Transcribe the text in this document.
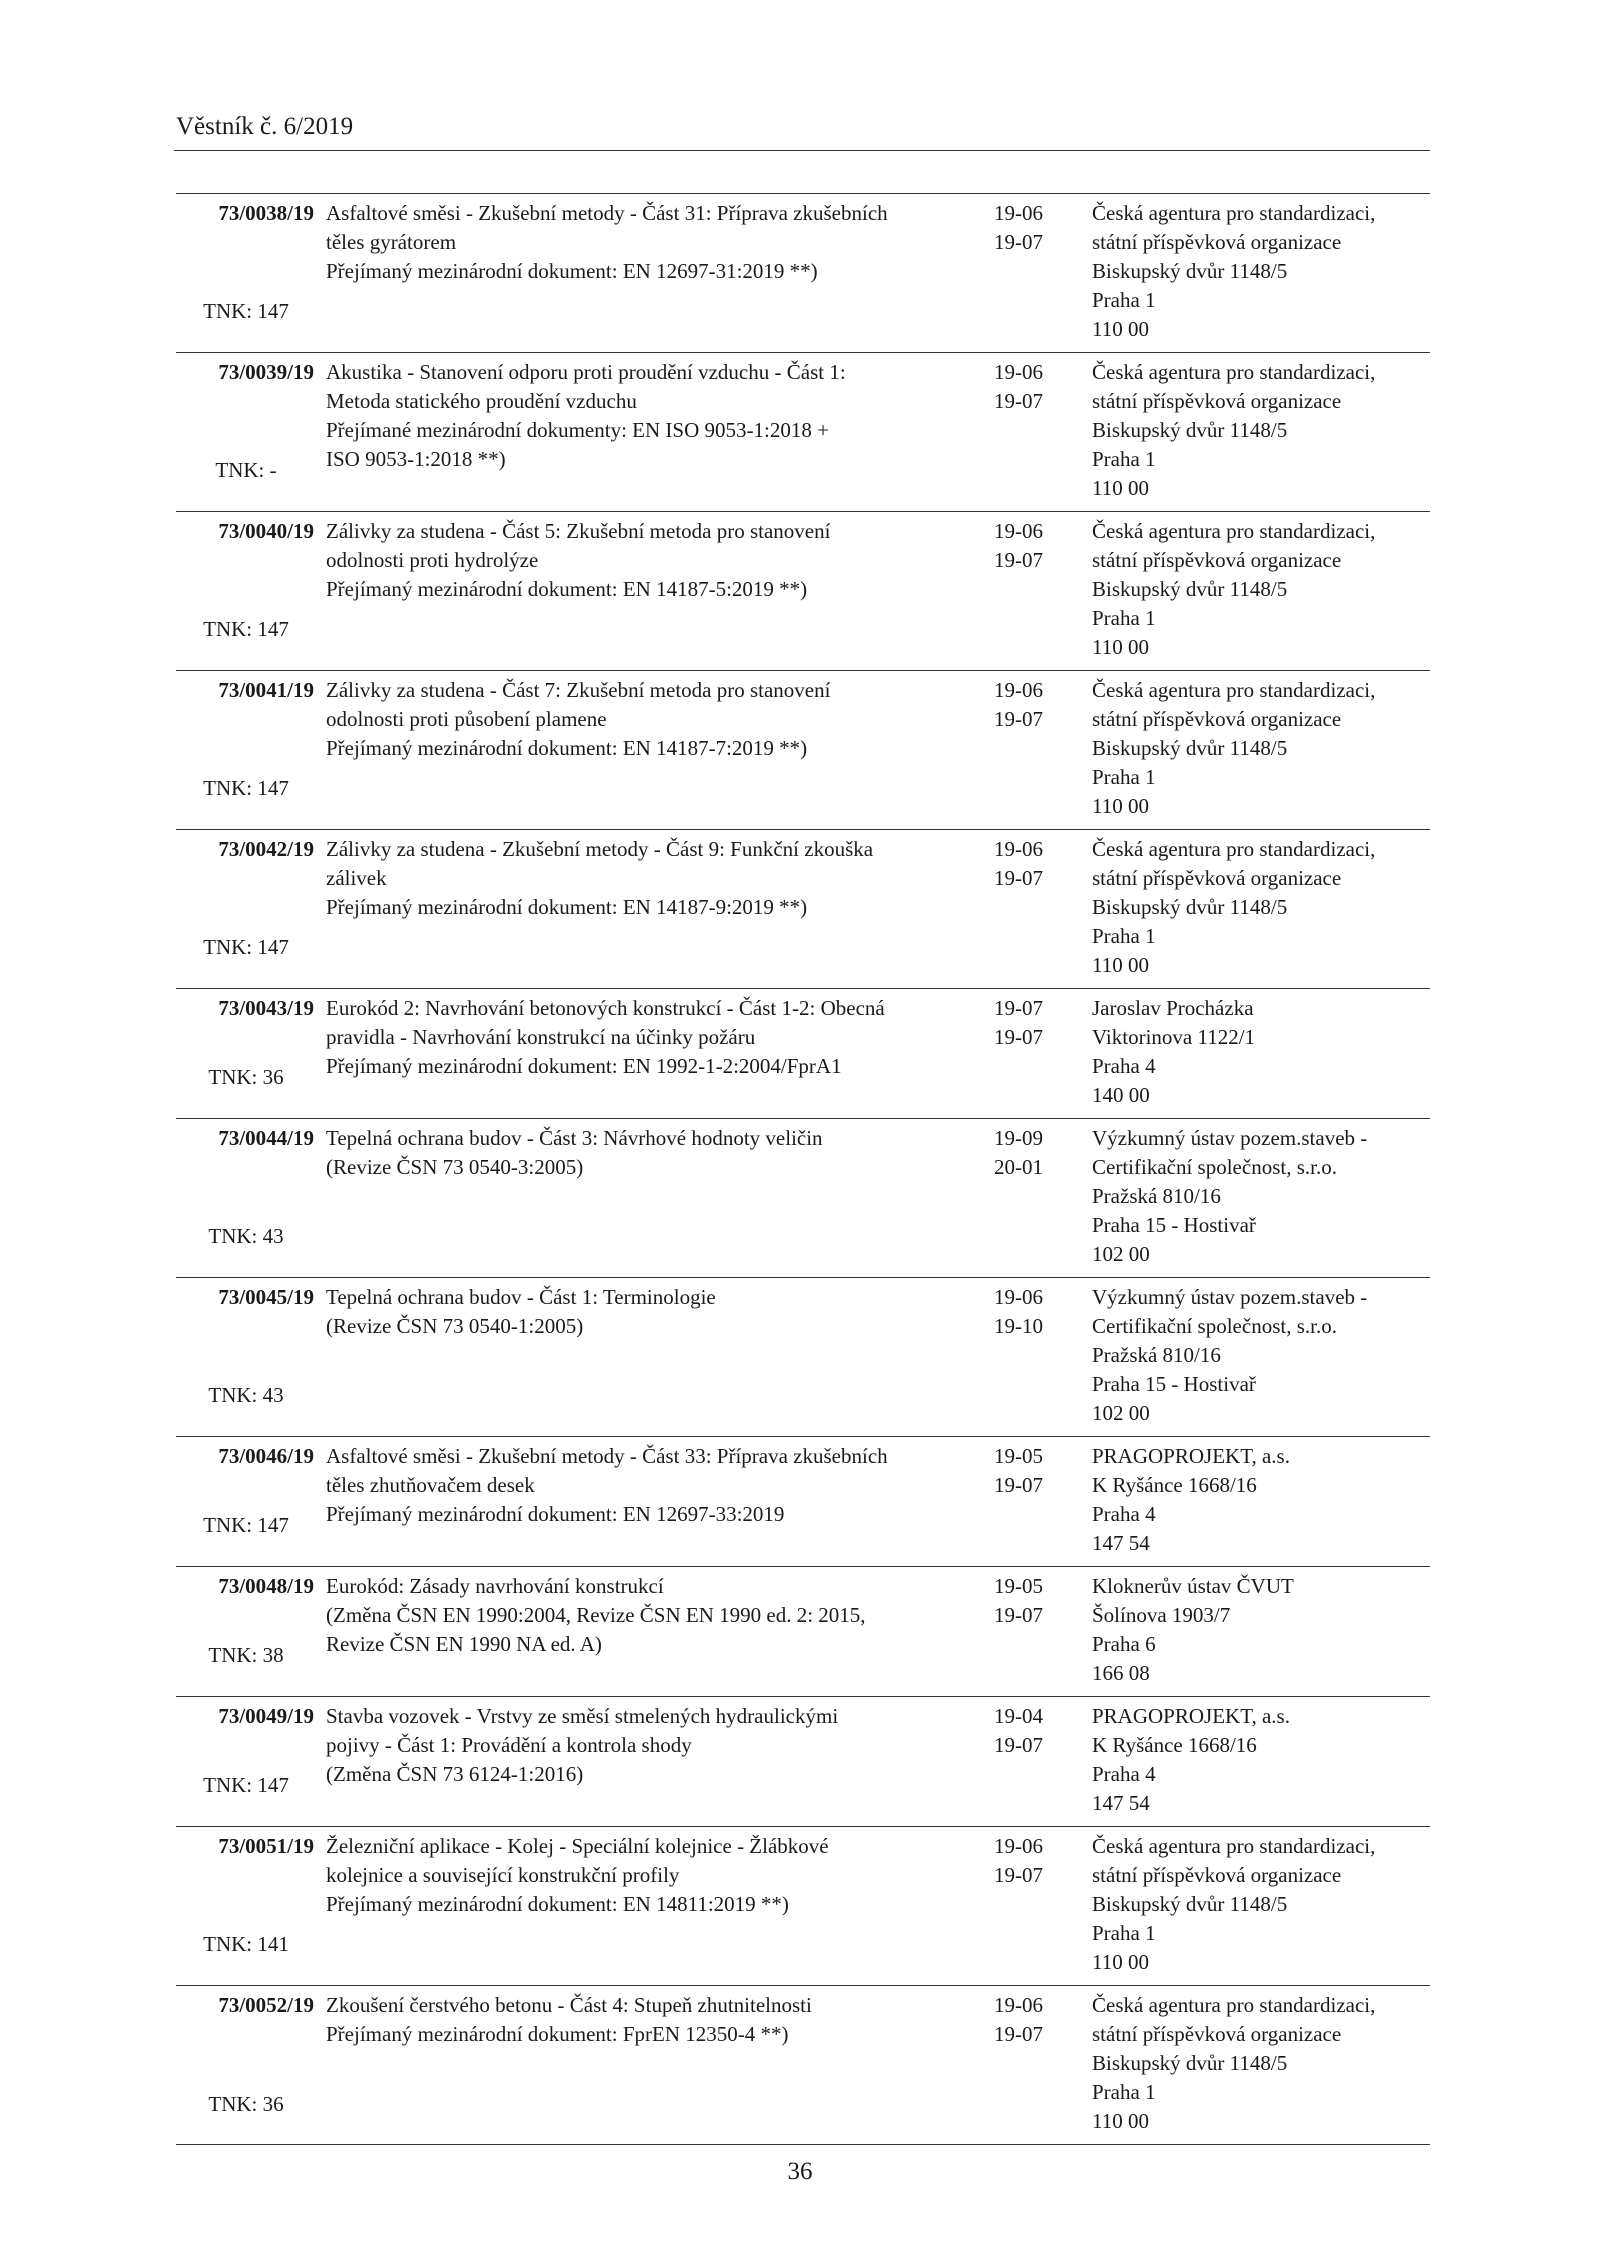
Věstník č. 6/2019
73/0038/19
TNK: 147
Asfaltové směsi - Zkušební metody - Část 31: Příprava zkušebních
těles gyrátorem
Přejímaný mezinárodní dokument: EN 12697-31:2019 **)
19-06
19-07
Česká agentura pro standardizaci,
státní příspěvková organizace
Biskupský dvůr 1148/5
Praha 1
110 00
73/0039/19
TNK: -
Akustika - Stanovení odporu proti proudění vzduchu - Část 1:
Metoda statického proudění vzduchu
Přejímané mezinárodní dokumenty: EN ISO 9053-1:2018 +
ISO 9053-1:2018 **)
19-06
19-07
Česká agentura pro standardizaci,
státní příspěvková organizace
Biskupský dvůr 1148/5
Praha 1
110 00
73/0040/19
TNK: 147
Zálivky za studena - Část 5: Zkušební metoda pro stanovení
odolnosti proti hydrolýze
Přejímaný mezinárodní dokument: EN 14187-5:2019 **)
19-06
19-07
Česká agentura pro standardizaci,
státní příspěvková organizace
Biskupský dvůr 1148/5
Praha 1
110 00
73/0041/19
TNK: 147
Zálivky za studena - Část 7: Zkušební metoda pro stanovení
odolnosti proti působení plamene
Přejímaný mezinárodní dokument: EN 14187-7:2019 **)
19-06
19-07
Česká agentura pro standardizaci,
státní příspěvková organizace
Biskupský dvůr 1148/5
Praha 1
110 00
73/0042/19
TNK: 147
Zálivky za studena - Zkušební metody - Část 9: Funkční zkouška
zálivek
Přejímaný mezinárodní dokument: EN 14187-9:2019 **)
19-06
19-07
Česká agentura pro standardizaci,
státní příspěvková organizace
Biskupský dvůr 1148/5
Praha 1
110 00
73/0043/19
TNK: 36
Eurokód 2: Navrhování betonových konstrukcí - Část 1-2: Obecná
pravidla - Navrhování konstrukcí na účinky požáru
Přejímaný mezinárodní dokument: EN 1992-1-2:2004/FprA1
19-07
19-07
Jaroslav Procházka
Viktorinova 1122/1
Praha 4
140 00
73/0044/19
TNK: 43
Tepelná ochrana budov - Část 3: Návrhové hodnoty veličin
(Revize ČSN 73 0540-3:2005)
19-09
20-01
Výzkumný ústav pozem.staveb -
Certifikační společnost, s.r.o.
Pražská 810/16
Praha 15 - Hostivař
102 00
73/0045/19
TNK: 43
Tepelná ochrana budov - Část 1: Terminologie
(Revize ČSN 73 0540-1:2005)
19-06
19-10
Výzkumný ústav pozem.staveb -
Certifikační společnost, s.r.o.
Pražská 810/16
Praha 15 - Hostivař
102 00
73/0046/19
TNK: 147
Asfaltové směsi - Zkušební metody - Část 33: Příprava zkušebních
těles zhutňovačem desek
Přejímaný mezinárodní dokument: EN 12697-33:2019
19-05
19-07
PRAGOPROJEKT, a.s.
K Ryšánce 1668/16
Praha 4
147 54
73/0048/19
TNK: 38
Eurokód: Zásady navrhování konstrukcí
(Změna ČSN EN 1990:2004, Revize ČSN EN 1990 ed. 2: 2015,
Revize ČSN EN 1990 NA ed. A)
19-05
19-07
Kloknerův ústav ČVUT
Šolínova 1903/7
Praha 6
166 08
73/0049/19
TNK: 147
Stavba vozovek - Vrstvy ze směsí stmelených hydraulickými
pojivy - Část 1: Provádění a kontrola shody
(Změna ČSN 73 6124-1:2016)
19-04
19-07
PRAGOPROJEKT, a.s.
K Ryšánce 1668/16
Praha 4
147 54
73/0051/19
TNK: 141
Železniční aplikace - Kolej - Speciální kolejnice - Žlábkové
kolejnice a související konstrukční profily
Přejímaný mezinárodní dokument: EN 14811:2019 **)
19-06
19-07
Česká agentura pro standardizaci,
státní příspěvková organizace
Biskupský dvůr 1148/5
Praha 1
110 00
73/0052/19
TNK: 36
Zkoušení čerstvého betonu - Část 4: Stupeň zhutnitelnosti
Přejímaný mezinárodní dokument: FprEN 12350-4 **)
19-06
19-07
Česká agentura pro standardizaci,
státní příspěvková organizace
Biskupský dvůr 1148/5
Praha 1
110 00
36
